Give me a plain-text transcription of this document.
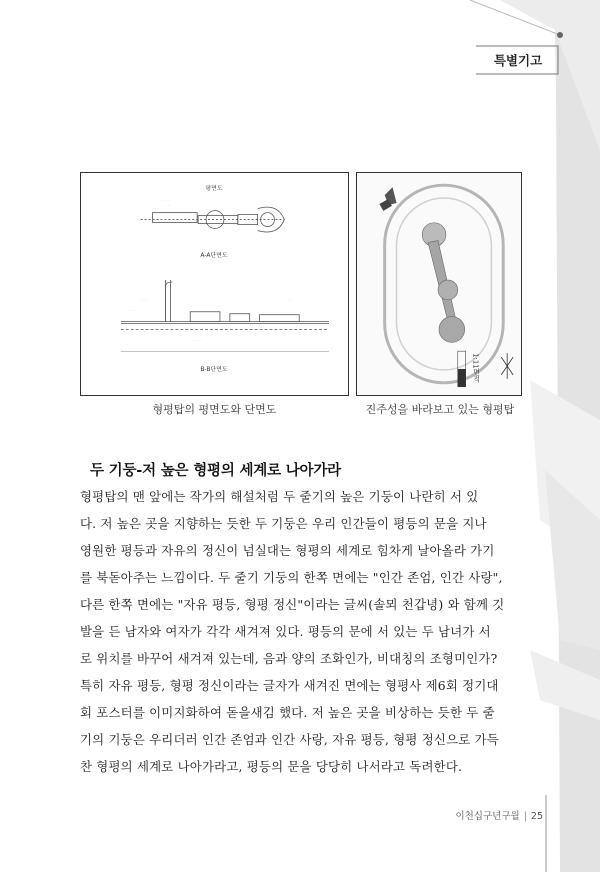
특별기고
평면도
· · · · · ·
· · · · ·
A-A단면도
· · · ·
· · · · ·
· · · ·
· · · · · · ·
B-B단면도
형평탑의 평면도와 단면도
1:11면적
진주성을 바라보고 있는 형평탑
두 기둥-저 높은 형평의 세계로 나아가라
형평탑의 맨 앞에는 작가의 해설처럼 두 줄기의 높은 기둥이 나란히 서 있
다. 저 높은 곳을 지향하는 듯한 두 기둥은 우리 인간들이 평등의 문을 지나
영원한 평등과 자유의 정신이 넘실대는 형평의 세계로 힘차게 날아올라 가기
를 북돋아주는 느낌이다. 두 줄기 기둥의 한쪽 면에는 "인간 존엄, 인간 사랑",
다른 한쪽 면에는 "자유 평등, 형평 정신"이라는 글씨(솔뫼 천갑녕) 와 함께 깃
발을 든 남자와 여자가 각각 새겨져 있다. 평등의 문에 서 있는 두 남녀가 서
로 위치를 바꾸어 새겨져 있는데, 음과 양의 조화인가, 비대칭의 조형미인가?
특히 자유 평등, 형평 정신이라는 글자가 새겨진 면에는 형평사 제6회 정기대
회 포스터를 이미지화하여 돋을새김 했다. 저 높은 곳을 비상하는 듯한 두 줄
기의 기둥은 우리더러 인간 존엄과 인간 사랑, 자유 평등, 형평 정신으로 가득
찬 형평의 세계로 나아가라고, 평등의 문을 당당히 나서라고 독려한다.
이천십구년구월 | 25
